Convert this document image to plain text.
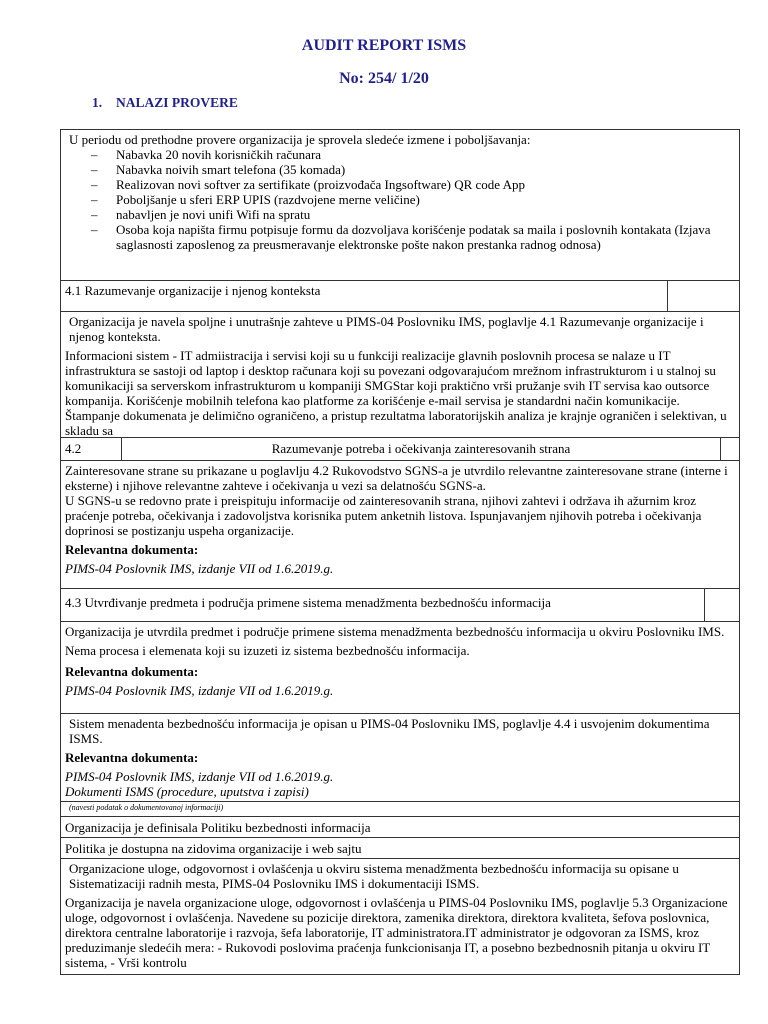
AUDIT REPORT ISMS
No: 254/ 1/20
1. NALAZI PROVERE
U periodu od prethodne provere organizacija je sprovela sledeće izmene i poboljšavanja:
– Nabavka 20 novih korisničkih računara
– Nabavka noivih smart telefona (35 komada)
– Realizovan novi softver za sertifikate (proizvođača Ingsoftware) QR code App
– Poboljšanje u sferi ERP UPIS (razdvojene merne veličine)
– nabavljen je novi unifi Wifi na spratu
– Osoba koja napišta firmu potpisuje formu da dozvoljava korišćenje podatak sa maila i poslovnih kontakata (Izjava saglasnosti zaposlenog za preusmeravanje elektronske pošte nakon prestanka radnog odnosa)
4.1 Razumevanje organizacije i njenog konteksta
Organizacija je navela spoljne i unutrašnje zahteve u PIMS-04 Poslovniku IMS, poglavlje 4.1 Razumevanje organizacije i njenog konteksta.
Informacioni sistem - IT admiistracija i servisi koji su u funkciji realizacije glavnih poslovnih procesa se nalaze u IT infrastruktura se sastoji od laptop i desktop računara koji su povezani odgovarajućom mrežnom infrastrukturom i u stalnoj su komunikaciji sa serverskom infrastrukturom u kompaniji SMGStar koji praktično vrši pružanje svih IT servisa kao outsorce kompanija. Korišćenje mobilnih telefona kao platforme za korišćenje e-mail servisa je standardni način komunikacije. Štampanje dokumenata je delimično ograničeno, a pristup rezultatma laboratorijskih analiza je krajnje ograničen i selektivan, u skladu sa
4.2	Razumevanje potreba i očekivanja zainteresovanih strana
Zainteresovane strane su prikazane u poglavlju 4.2 Rukovodstvo SGNS-a je utvrdilo relevantne zainteresovane strane (interne i eksterne) i njihove relevantne zahteve i očekivanja u vezi sa delatnošću SGNS-a.
U SGNS-u se redovno prate i preispituju informacije od zainteresovanih strana, njihovi zahtevi i održava ih ažurnim kroz praćenje potreba, očekivanja i zadovoljstva korisnika putem anketnih listova. Ispunjavanjem njihovih potreba i očekivanja doprinosi se postizanju uspeha organizacije.
Relevantna dokumenta:
PIMS-04 Poslovnik IMS, izdanje VII od 1.6.2019.g.
4.3 Utvrđivanje predmeta i područja primene sistema menadžmenta bezbednošću informacija
Organizacija je utvrdila predmet i područje primene sistema menadžmenta bezbednošću informacija u okviru Poslovniku IMS.
Nema procesa i elemenata koji su izuzeti iz sistema bezbednošću informacija.
Relevantna dokumenta:
PIMS-04 Poslovnik IMS, izdanje VII od 1.6.2019.g.
Sistem menadenta bezbednošću informacija je opisan u PIMS-04 Poslovniku IMS, poglavlje 4.4 i usvojenim dokumentima ISMS.
Relevantna dokumenta:
PIMS-04 Poslovnik IMS, izdanje VII od 1.6.2019.g.
Dokumenti ISMS (procedure, uputstva i zapisi)
(navesti podatak o dokumentovanoj informaciji)
Organizacija je definisala Politiku bezbednosti informacija
Politika je dostupna na zidovima organizacije i web sajtu
Organizacione uloge, odgovornost i ovlašćenja u okviru sistema menadžmenta bezbednošću informacija su opisane u Sistematizaciji radnih mesta, PIMS-04 Poslovniku IMS i dokumentaciji ISMS.
Organizacija je navela organizacione uloge, odgovornost i ovlašćenja u PIMS-04 Poslovniku IMS, poglavlje 5.3 Organizacione uloge, odgovornost i ovlašćenja. Navedene su pozicije direktora, zamenika direktora, direktora kvaliteta, šefova poslovnica, direktora centralne laboratorije i razvoja, šefa laboratorije, IT administratora.IT administrator je odgovoran za ISMS, kroz preduzimanje sledećih mera: - Rukovodi poslovima praćenja funkcionisanja IT, a posebno bezbednosnih pitanja u okviru IT sistema, - Vrši kontrolu
